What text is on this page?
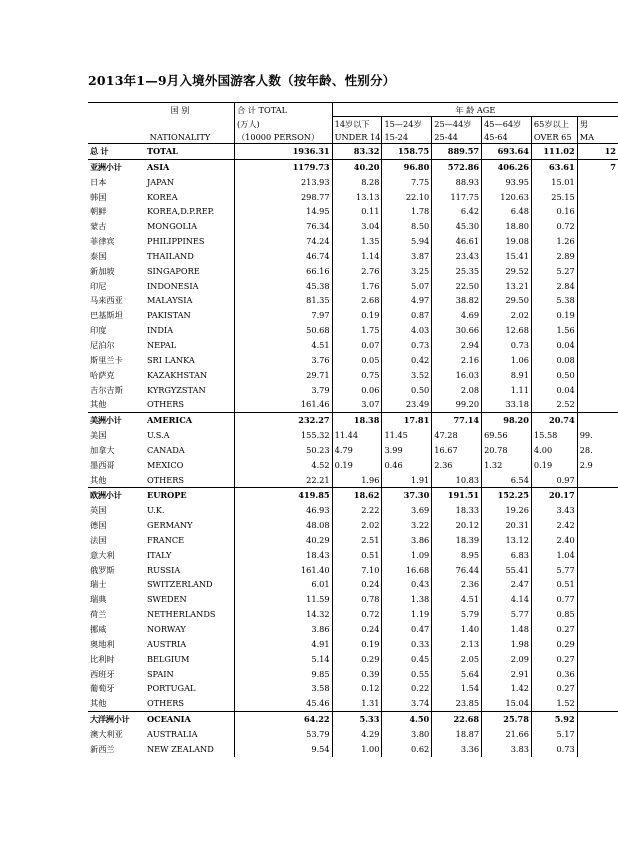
2013年1—9月入境外国游客人数（按年龄、性别分）
国 别		合 计 TOTAL	年 龄 AGE					
		(万人)	14岁以下	15—24岁	25—44岁	45—64岁	65岁以上	男
NATIONALITY		（10000 PERSON）	UNDER 14	15-24	25-44	45-64	OVER 65	MA
总 计	TOTAL	1936.31	83.32	158.75	889.57	693.64	111.02	12
亚洲小计	ASIA	1179.73	40.20	96.80	572.86	406.26	63.61	7
日本	JAPAN	213.93	8.28	7.75	88.93	93.95	15.01	
韩国	KOREA	298.77	13.13	22.10	117.75	120.63	25.15	
朝鲜	KOREA,D.P.REP.	14.95	0.11	1.78	6.42	6.48	0.16	
蒙古	MONGOLIA	76.34	3.04	8.50	45.30	18.80	0.72	
菲律宾	PHILIPPINES	74.24	1.35	5.94	46.61	19.08	1.26	
泰国	THAILAND	46.74	1.14	3.87	23.43	15.41	2.89	
新加坡	SINGAPORE	66.16	2.76	3.25	25.35	29.52	5.27	
印尼	INDONESIA	45.38	1.76	5.07	22.50	13.21	2.84	
马来西亚	MALAYSIA	81.35	2.68	4.97	38.82	29.50	5.38	
巴基斯坦	PAKISTAN	7.97	0.19	0.87	4.69	2.02	0.19	
印度	INDIA	50.68	1.75	4.03	30.66	12.68	1.56	
尼泊尔	NEPAL	4.51	0.07	0.73	2.94	0.73	0.04	
斯里兰卡	SRI LANKA	3.76	0.05	0.42	2.16	1.06	0.08	
哈萨克	KAZAKHSTAN	29.71	0.75	3.52	16.03	8.91	0.50	
吉尔吉斯	KYRGYZSTAN	3.79	0.06	0.50	2.08	1.11	0.04	
其他	OTHERS	161.46	3.07	23.49	99.20	33.18	2.52	
美洲小计	AMERICA	232.27	18.38	17.81	77.14	98.20	20.74	
美国	U.S.A	155.32	11.44	11.45	47.28	69.56	15.58	99.
加拿大	CANADA	50.23	4.79	3.99	16.67	20.78	4.00	28.
墨西哥	MEXICO	4.52	0.19	0.46	2.36	1.32	0.19	2.9
其他	OTHERS	22.21	1.96	1.91	10.83	6.54	0.97	
欧洲小计	EUROPE	419.85	18.62	37.30	191.51	152.25	20.17	
英国	U.K.	46.93	2.22	3.69	18.33	19.26	3.43	
德国	GERMANY	48.08	2.02	3.22	20.12	20.31	2.42	
法国	FRANCE	40.29	2.51	3.86	18.39	13.12	2.40	
意大利	ITALY	18.43	0.51	1.09	8.95	6.83	1.04	
俄罗斯	RUSSIA	161.40	7.10	16.68	76.44	55.41	5.77	
瑞士	SWITZERLAND	6.01	0.24	0.43	2.36	2.47	0.51	
瑞典	SWEDEN	11.59	0.78	1.38	4.51	4.14	0.77	
荷兰	NETHERLANDS	14.32	0.72	1.19	5.79	5.77	0.85	
挪威	NORWAY	3.86	0.24	0.47	1.40	1.48	0.27	
奥地利	AUSTRIA	4.91	0.19	0.33	2.13	1.98	0.29	
比利时	BELGIUM	5.14	0.29	0.45	2.05	2.09	0.27	
西班牙	SPAIN	9.85	0.39	0.55	5.64	2.91	0.36	
葡萄牙	PORTUGAL	3.58	0.12	0.22	1.54	1.42	0.27	
其他	OTHERS	45.46	1.31	3.74	23.85	15.04	1.52	
大洋洲小计	OCEANIA	64.22	5.33	4.50	22.68	25.78	5.92	
澳大利亚	AUSTRALIA	53.79	4.29	3.80	18.87	21.66	5.17	
新西兰	NEW ZEALAND	9.54	1.00	0.62	3.36	3.83	0.73	
